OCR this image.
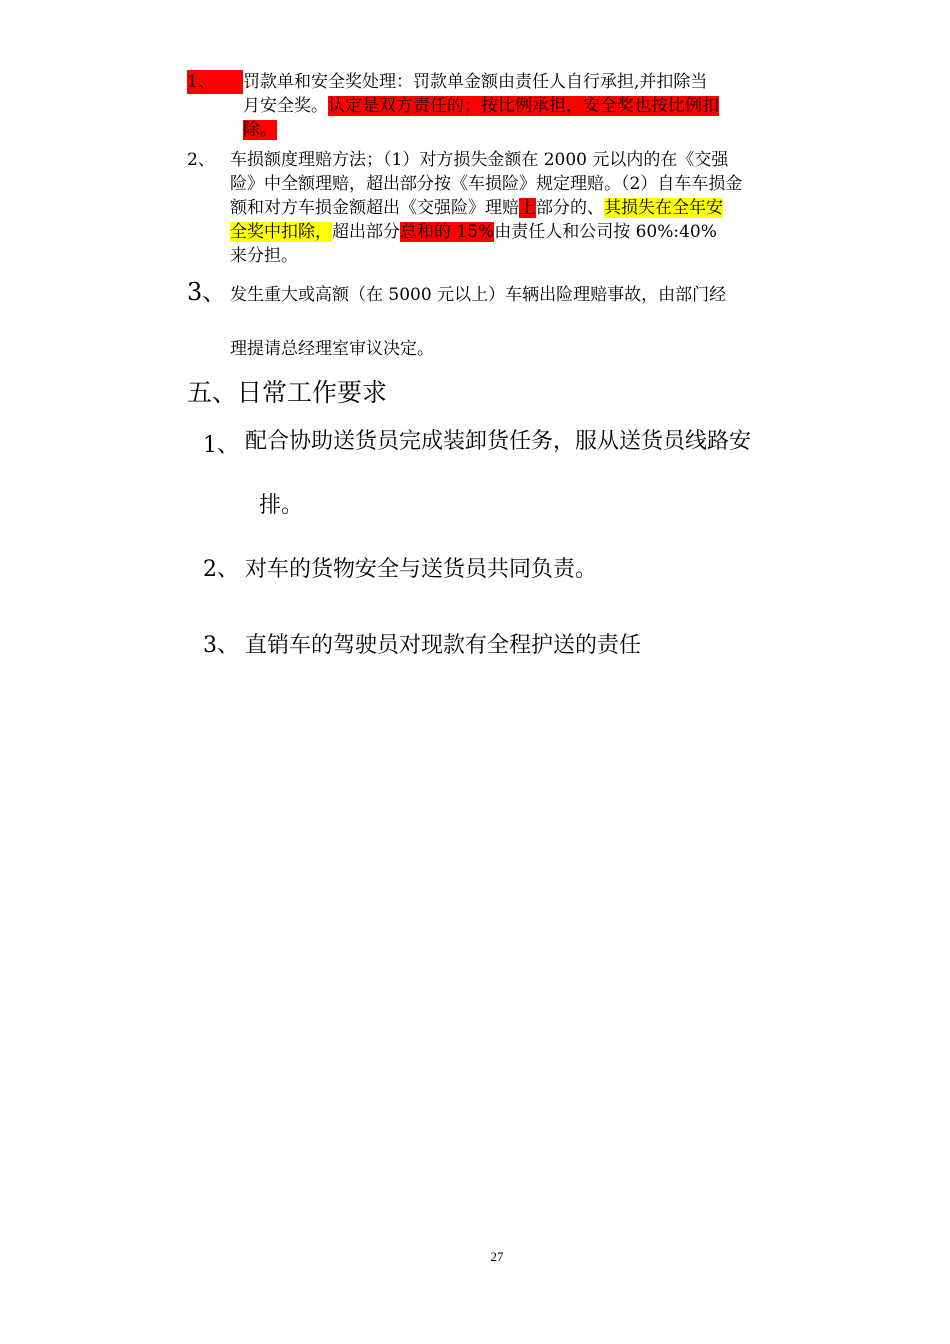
1、	罚款单和安全奖处理：罚款单金额由责任人自行承担,并扣除当
月安全奖。认定是双方责任的；按比例承担，安全奖也按比例扣
除。
2、 车损额度理赔方法；（1）对方损失金额在 2000 元以内的在《交强
险》中全额理赔，超出部分按《车损险》规定理赔。（2）自车车损金
额和对方车损金额超出《交强险》理赔上部分的、其损失在全年安
全奖中扣除，超出部分总和的 15%由责任人和公司按 60%:40%
来分担。
3、 发生重大或高额（在 5000 元以上）车辆出险理赔事故，由部门经
理提请总经理室审议决定。
五、日常工作要求
1、 配合协助送货员完成装卸货任务，服从送货员线路安
排。
2、 对车的货物安全与送货员共同负责。
3、 直销车的驾驶员对现款有全程护送的责任
27
